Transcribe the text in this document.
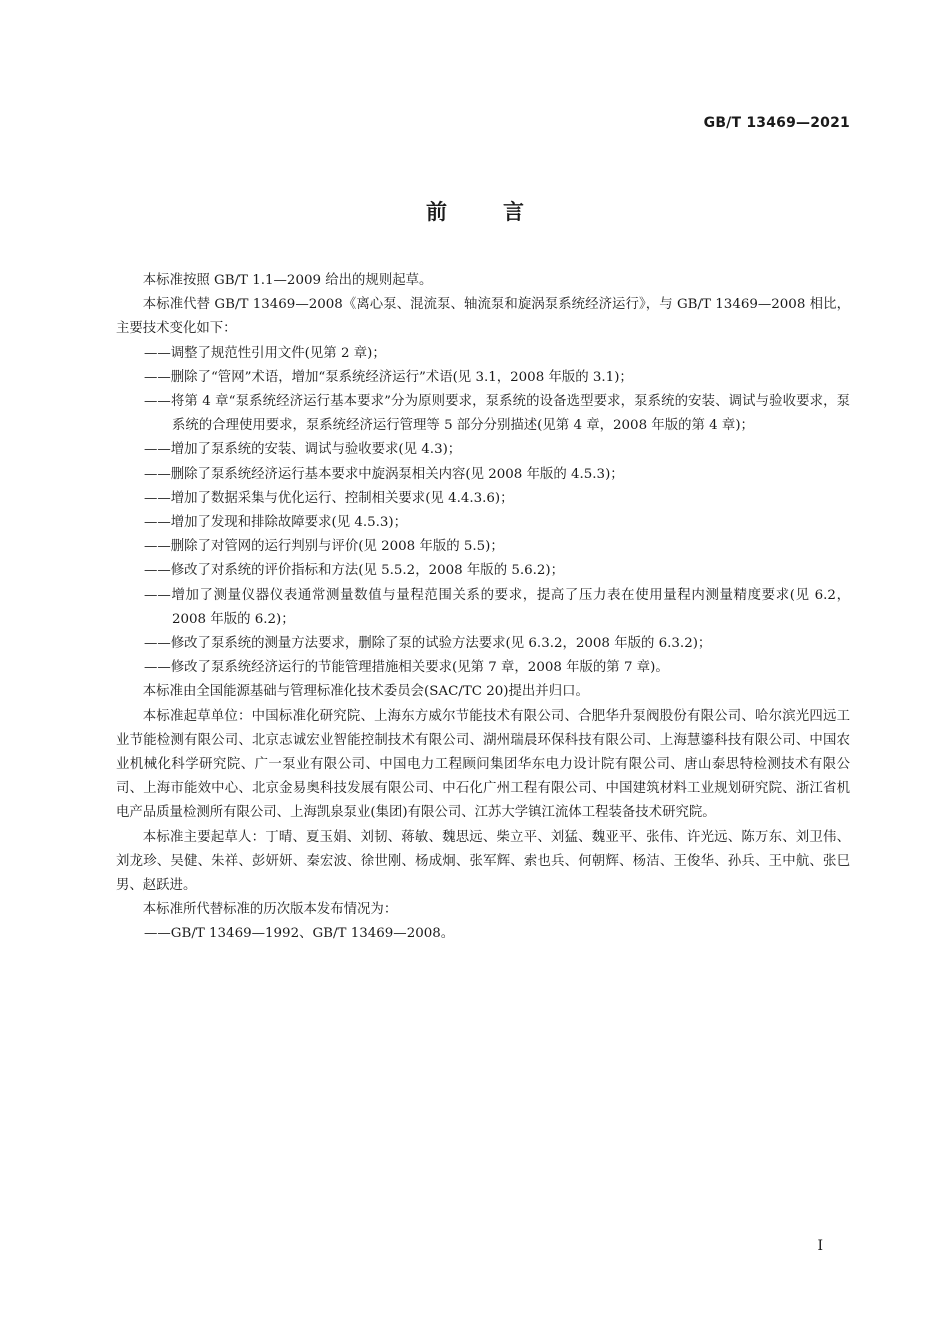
GB/T 13469—2021
前言

本标准按照 GB/T 1.1—2009 给出的规则起草。

本标准代替 GB/T 13469—2008《离心泵、混流泵、轴流泵和旋涡泵系统经济运行》，与 GB/T 13469—2008 相比，主要技术变化如下：

——调整了规范性引用文件(见第 2 章)；

——删除了“管网”术语，增加“泵系统经济运行”术语(见 3.1，2008 年版的 3.1)；

——将第 4 章“泵系统经济运行基本要求”分为原则要求，泵系统的设备选型要求，泵系统的安装、调试与验收要求，泵系统的合理使用要求，泵系统经济运行管理等 5 部分分别描述(见第 4 章，2008 年版的第 4 章)；

——增加了泵系统的安装、调试与验收要求(见 4.3)；

——删除了泵系统经济运行基本要求中旋涡泵相关内容(见 2008 年版的 4.5.3)；

——增加了数据采集与优化运行、控制相关要求(见 4.4.3.6)；

——增加了发现和排除故障要求(见 4.5.3)；

——删除了对管网的运行判别与评价(见 2008 年版的 5.5)；

——修改了对系统的评价指标和方法(见 5.5.2，2008 年版的 5.6.2)；

——增加了测量仪器仪表通常测量数值与量程范围关系的要求，提高了压力表在使用量程内测量精度要求(见 6.2，2008 年版的 6.2)；

——修改了泵系统的测量方法要求，删除了泵的试验方法要求(见 6.3.2，2008 年版的 6.3.2)；

——修改了泵系统经济运行的节能管理措施相关要求(见第 7 章，2008 年版的第 7 章)。

本标准由全国能源基础与管理标准化技术委员会(SAC/TC 20)提出并归口。

本标准起草单位：中国标准化研究院、上海东方威尔节能技术有限公司、合肥华升泵阀股份有限公司、哈尔滨光四远工业节能检测有限公司、北京志诚宏业智能控制技术有限公司、湖州瑞晨环保科技有限公司、上海慧鎏科技有限公司、中国农业机械化科学研究院、广一泵业有限公司、中国电力工程顾问集团华东电力设计院有限公司、唐山泰思特检测技术有限公司、上海市能效中心、北京金易奥科技发展有限公司、中石化广州工程有限公司、中国建筑材料工业规划研究院、浙江省机电产品质量检测所有限公司、上海凯泉泵业(集团)有限公司、江苏大学镇江流体工程装备技术研究院。

本标准主要起草人：丁晴、夏玉娟、刘韧、蒋敏、魏思远、柴立平、刘猛、魏亚平、张伟、许光远、陈万东、刘卫伟、刘龙珍、吴健、朱祥、彭妍妍、秦宏波、徐世刚、杨成炯、张军辉、索也兵、何朝辉、杨洁、王俊华、孙兵、王中航、张巳男、赵跃进。

本标准所代替标准的历次版本发布情况为：

——GB/T 13469—1992、GB/T 13469—2008。

I
